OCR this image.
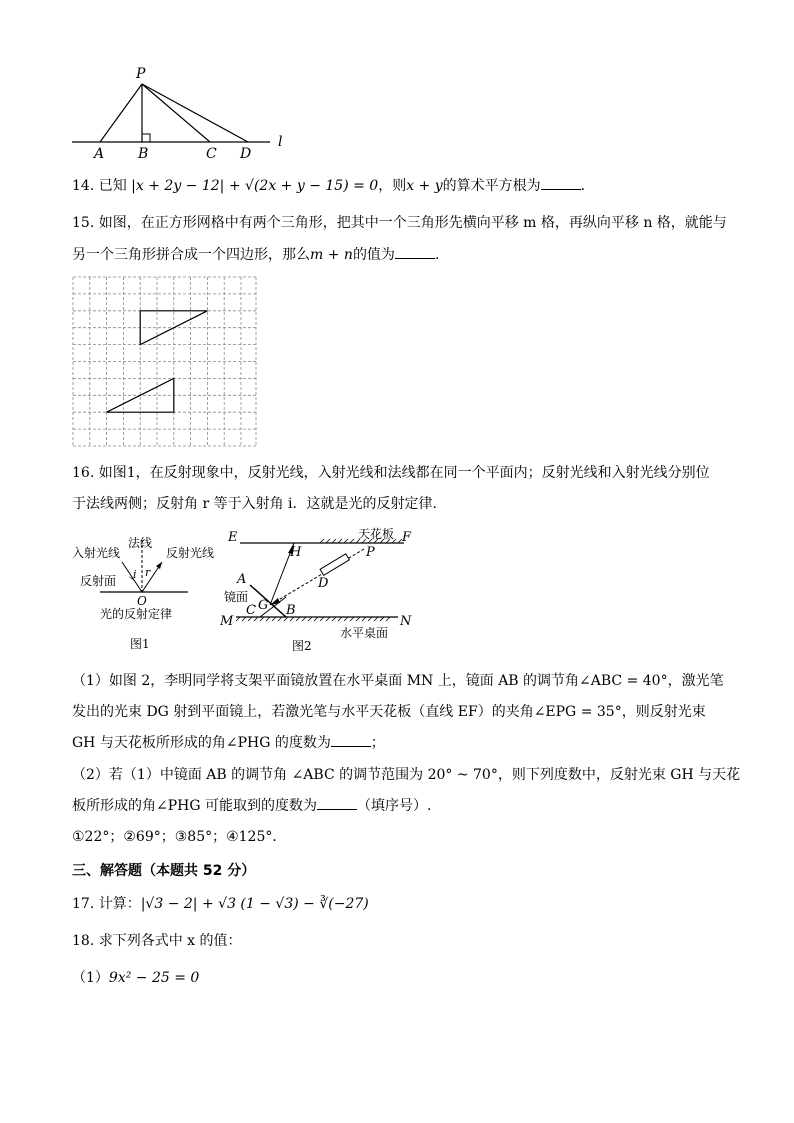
P
A B	C D
l
14. 已知 |x + 2y − 12| + √(2x + y − 15) = 0，则x + y的算术平方根为	.
15. 如图，在正方形网格中有两个三角形，把其中一个三角形先横向平移 m 格，再纵向平移 n 格，就能与
另一个三角形拼合成一个四边形，那么m + n的值为	.
16. 如图1，在反射现象中，反射光线，入射光线和法线都在同一个平面内；反射光线和入射光线分别位
于法线两侧；反射角 r 等于入射角 i．这就是光的反射定律．
入射光线
法线
反射光线
反射面 i r
O
光的反射定律
图1
E	天花板 F
H	P
A	D
镜面
G
C B
M	N
水平桌面
图2
（1）如图 2，李明同学将支架平面镜放置在水平桌面 MN 上，镜面 AB 的调节角∠ABC = 40°，激光笔
发出的光束 DG 射到平面镜上，若激光笔与水平天花板（直线 EF）的夹角∠EPG = 35°，则反射光束
GH 与天花板所形成的角∠PHG 的度数为	；
（2）若（1）中镜面 AB 的调节角 ∠ABC 的调节范围为 20° ~ 70°，则下列度数中，反射光束 GH 与天花
板所形成的角∠PHG 可能取到的度数为	（填序号）.
①22°；②69°；③85°；④125°．
三、解答题（本题共 52 分）
17. 计算：|√3 − 2| + √3 (1 − √3) − ∛(−27)
18. 求下列各式中 x 的值：
（1）9x² − 25 = 0
